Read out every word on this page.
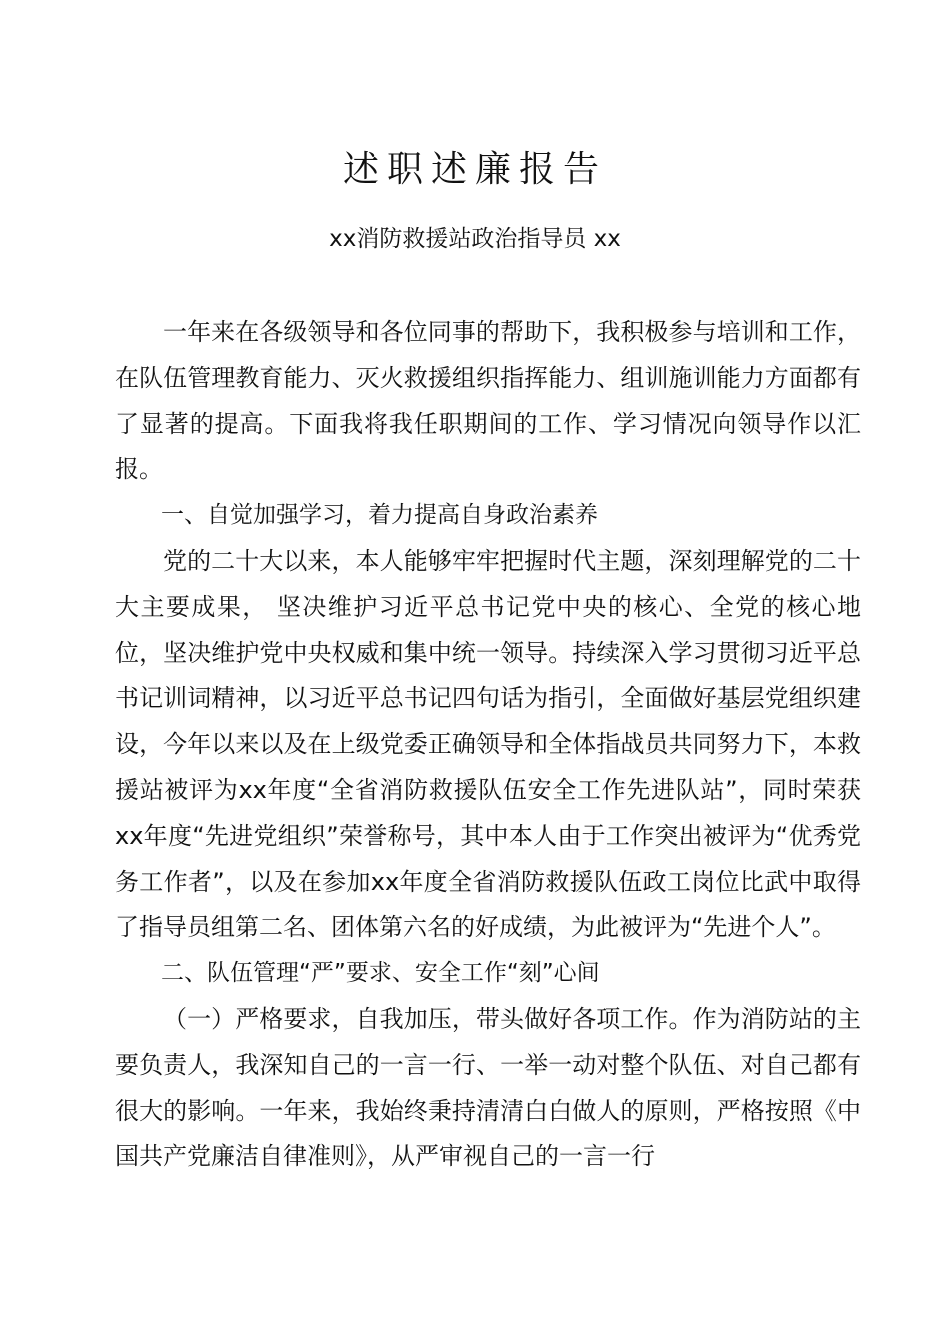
述职述廉报告
xx消防救援站政治指导员 xx

一年来在各级领导和各位同事的帮助下，我积极参与培训和工作，在队伍管理教育能力、灭火救援组织指挥能力、组训施训能力方面都有了显著的提高。下面我将我任职期间的工作、学习情况向领导作以汇报。

一、自觉加强学习，着力提高自身政治素养

党的二十大以来，本人能够牢牢把握时代主题，深刻理解党的二十大主要成果， 坚决维护习近平总书记党中央的核心、全党的核心地位，坚决维护党中央权威和集中统一领导。持续深入学习贯彻习近平总书记训词精神，以习近平总书记四句话为指引，全面做好基层党组织建设，今年以来以及在上级党委正确领导和全体指战员共同努力下，本救援站被评为xx年度“全省消防救援队伍安全工作先进队站”，同时荣获xx年度“先进党组织”荣誉称号，其中本人由于工作突出被评为“优秀党务工作者”，以及在参加xx年度全省消防救援队伍政工岗位比武中取得了指导员组第二名、团体第六名的好成绩，为此被评为“先进个人”。

二、队伍管理“严”要求、安全工作“刻”心间

（一）严格要求，自我加压，带头做好各项工作。作为消防站的主要负责人，我深知自己的一言一行、一举一动对整个队伍、对自己都有很大的影响。一年来，我始终秉持清清白白做人的原则，严格按照《中国共产党廉洁自律准则》，从严审视自己的一言一行
